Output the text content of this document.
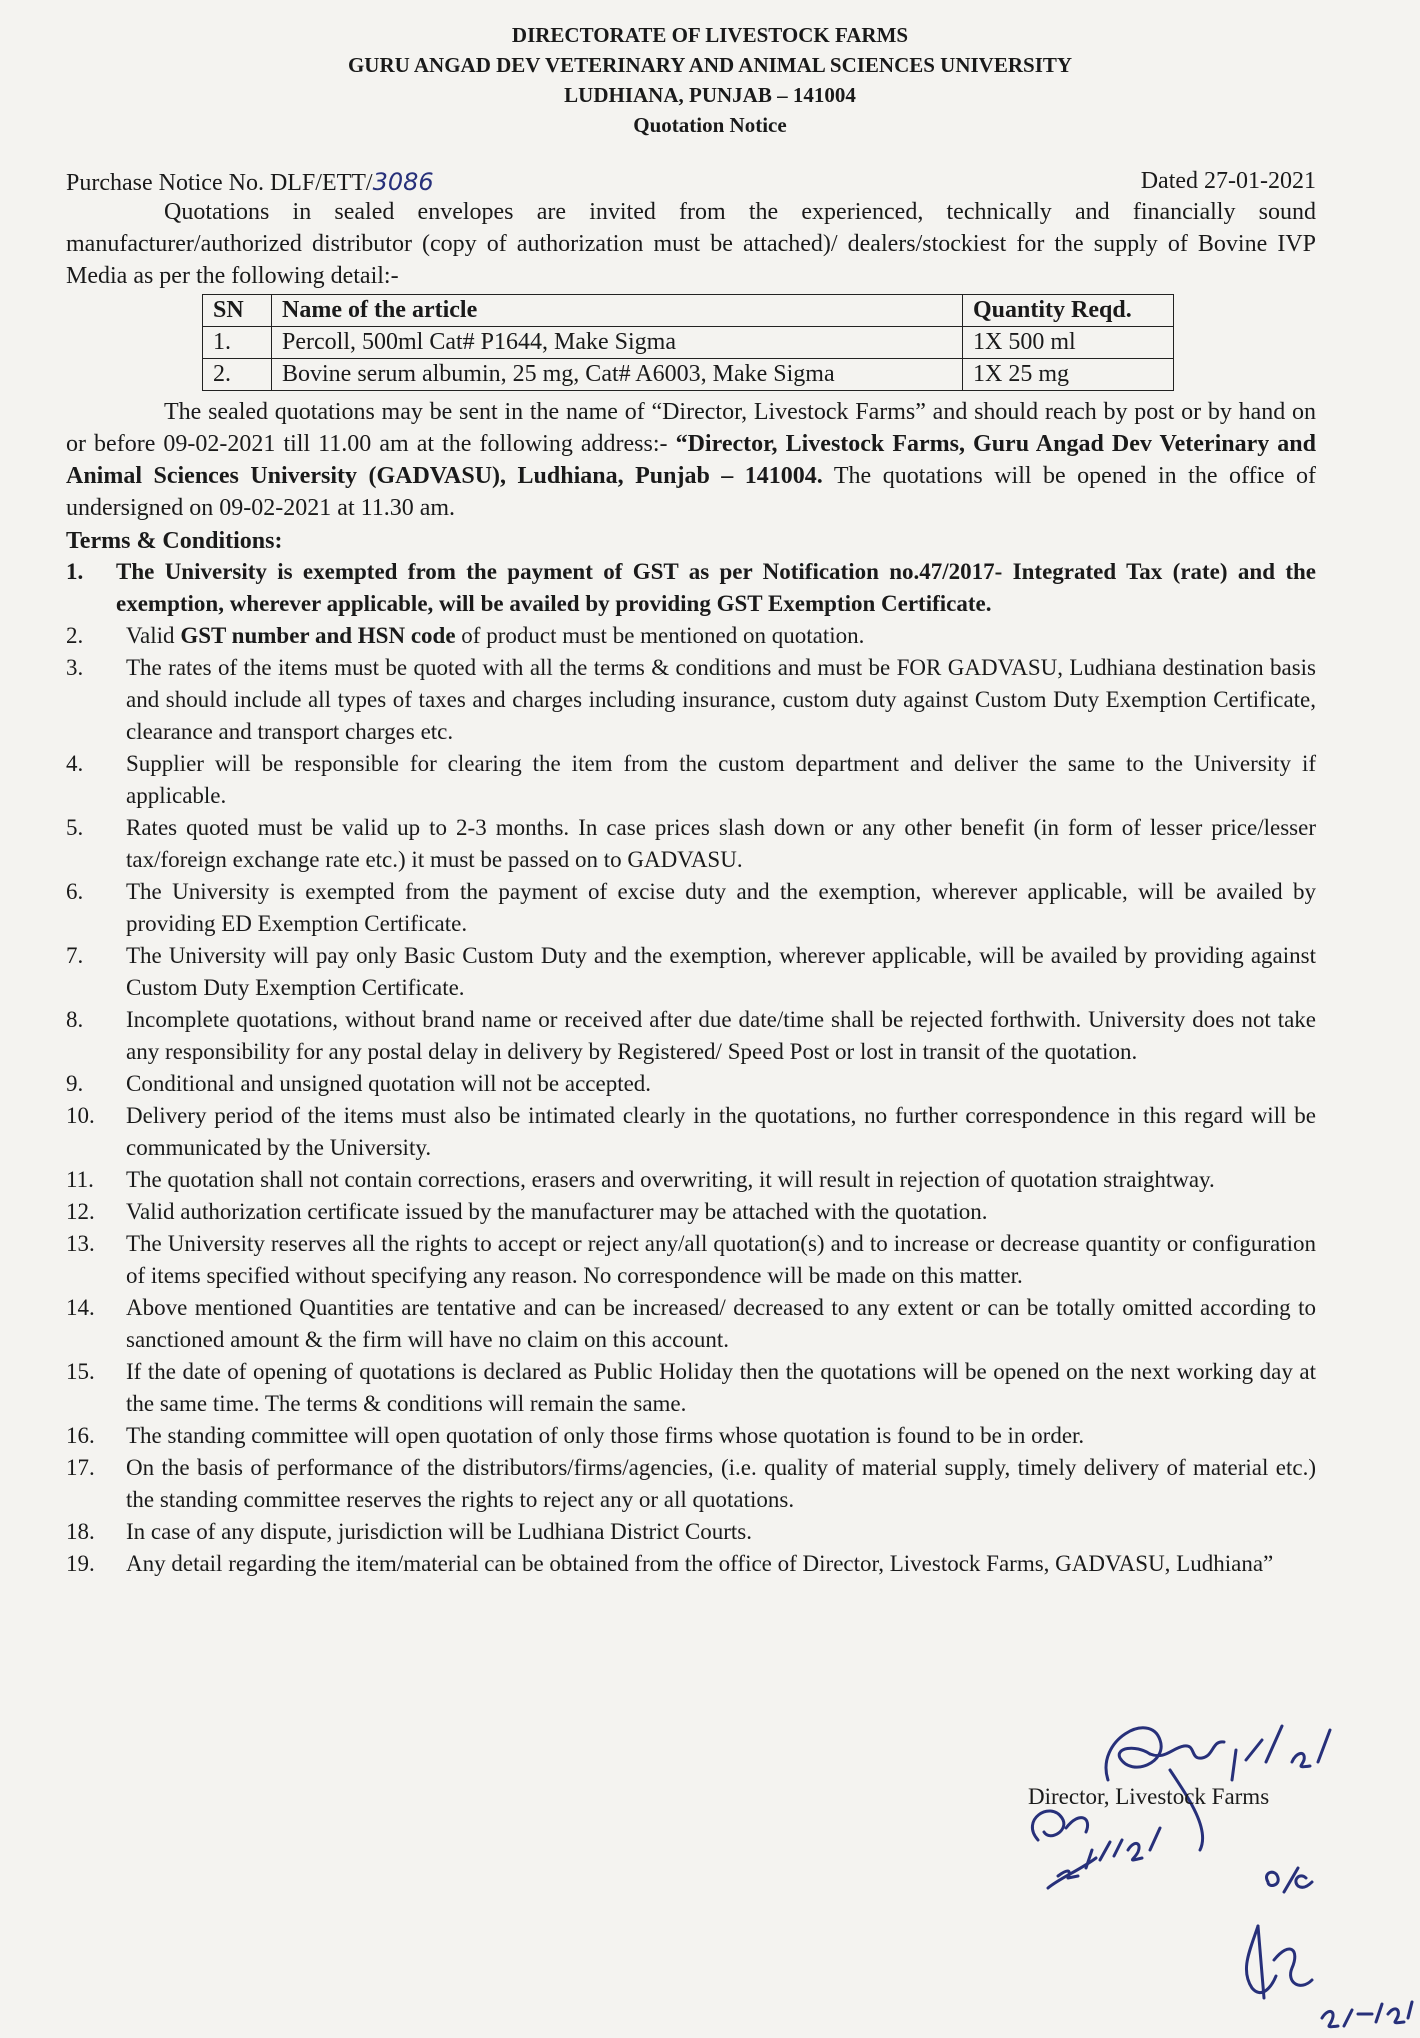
DIRECTORATE OF LIVESTOCK FARMS
GURU ANGAD DEV VETERINARY AND ANIMAL SCIENCES UNIVERSITY
LUDHIANA, PUNJAB – 141004
Quotation Notice
Purchase Notice No. DLF/ETT/3086	Dated 27-01-2021
Quotations in sealed envelopes are invited from the experienced, technically and financially sound manufacturer/authorized distributor (copy of authorization must be attached)/ dealers/stockiest for the supply of Bovine IVP Media as per the following detail:-
SN	Name of the article	Quantity Reqd.
1.	Percoll, 500ml Cat# P1644, Make Sigma	1X 500 ml
2.	Bovine serum albumin, 25 mg, Cat# A6003, Make Sigma	1X 25 mg
The sealed quotations may be sent in the name of “Director, Livestock Farms” and should reach by post or by hand on or before 09-02-2021 till 11.00 am at the following address:- “Director, Livestock Farms, Guru Angad Dev Veterinary and Animal Sciences University (GADVASU), Ludhiana, Punjab – 141004. The quotations will be opened in the office of undersigned on 09-02-2021 at 11.30 am.
Terms & Conditions:
1. The University is exempted from the payment of GST as per Notification no.47/2017- Integrated Tax (rate) and the exemption, wherever applicable, will be availed by providing GST Exemption Certificate.
2. Valid GST number and HSN code of product must be mentioned on quotation.
3. The rates of the items must be quoted with all the terms & conditions and must be FOR GADVASU, Ludhiana destination basis and should include all types of taxes and charges including insurance, custom duty against Custom Duty Exemption Certificate, clearance and transport charges etc.
4. Supplier will be responsible for clearing the item from the custom department and deliver the same to the University if applicable.
5. Rates quoted must be valid up to 2-3 months. In case prices slash down or any other benefit (in form of lesser price/lesser tax/foreign exchange rate etc.) it must be passed on to GADVASU.
6. The University is exempted from the payment of excise duty and the exemption, wherever applicable, will be availed by providing ED Exemption Certificate.
7. The University will pay only Basic Custom Duty and the exemption, wherever applicable, will be availed by providing against Custom Duty Exemption Certificate.
8. Incomplete quotations, without brand name or received after due date/time shall be rejected forthwith. University does not take any responsibility for any postal delay in delivery by Registered/ Speed Post or lost in transit of the quotation.
9. Conditional and unsigned quotation will not be accepted.
10. Delivery period of the items must also be intimated clearly in the quotations, no further correspondence in this regard will be communicated by the University.
11. The quotation shall not contain corrections, erasers and overwriting, it will result in rejection of quotation straightway.
12. Valid authorization certificate issued by the manufacturer may be attached with the quotation.
13. The University reserves all the rights to accept or reject any/all quotation(s) and to increase or decrease quantity or configuration of items specified without specifying any reason. No correspondence will be made on this matter.
14. Above mentioned Quantities are tentative and can be increased/ decreased to any extent or can be totally omitted according to sanctioned amount & the firm will have no claim on this account.
15. If the date of opening of quotations is declared as Public Holiday then the quotations will be opened on the next working day at the same time. The terms & conditions will remain the same.
16. The standing committee will open quotation of only those firms whose quotation is found to be in order.
17. On the basis of performance of the distributors/firms/agencies, (i.e. quality of material supply, timely delivery of material etc.) the standing committee reserves the rights to reject any or all quotations.
18. In case of any dispute, jurisdiction will be Ludhiana District Courts.
19. Any detail regarding the item/material can be obtained from the office of Director, Livestock Farms, GADVASU, Ludhiana”
Director, Livestock Farms
